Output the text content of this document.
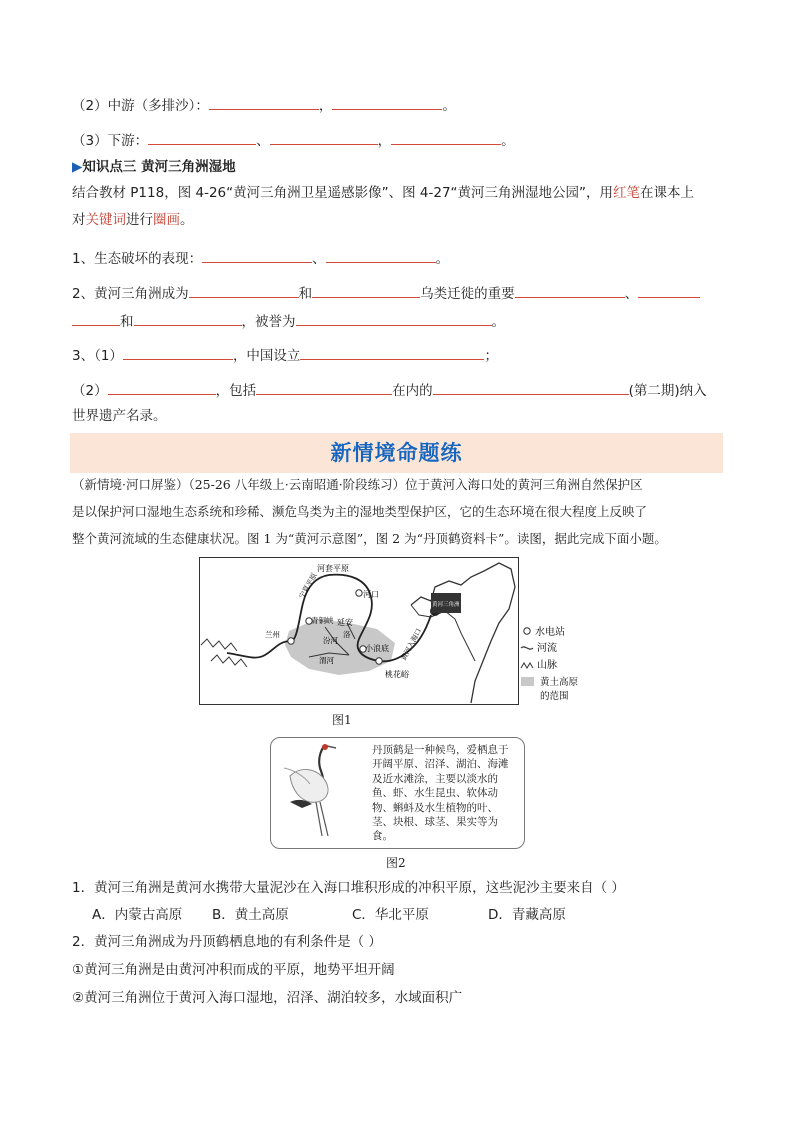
（2）中游（多排沙）：	，	。
（3）下游：	、	，	。
▶知识点三 黄河三角洲湿地
结合教材 P118，图 4-26“黄河三角洲卫星遥感影像”、图 4-27“黄河三角洲湿地公园”，用红笔在课本上
对关键词进行圈画。
1、生态破坏的表现：	、	。
2、黄河三角洲成为	和	乌类迁徙的重要	、
和	，被誉为	。
3、（1）	，中国设立	；
（2）	，包括	在内的	(第二期)纳入
世界遗产名录。
新情境命题练
（新情境·河口屏鉴）（25-26 八年级上·云南昭通·阶段练习）位于黄河入海口处的黄河三角洲自然保护区
是以保护河口湿地生态系统和珍稀、濒危鸟类为主的湿地类型保护区，它的生态环境在很大程度上反映了
整个黄河流域的生态健康状况。图 1 为“黄河示意图”，图 2 为“丹顶鹤资料卡”。读图，据此完成下面小题。
河套平原
河口
宁夏平原
青铜峡 延安
洛
汾河
渭河
小浪底
桃花峪
兰州
黄河三角洲
黄河入海口	水电站
河流
山脉
黄土高原
的范围
图1
丹顶鹤是一种候鸟，爱栖息于开阔平原、沼泽、湖泊、海滩及近水滩涂，主要以淡水的鱼、虾、水生昆虫、软体动物、蝌蚪及水生植物的叶、茎、块根、球茎、果实等为食。
图2
1．黄河三角洲是黄河水携带大量泥沙在入海口堆积形成的冲积平原，这些泥沙主要来自（ ）
A．内蒙古高原 B．黄土高原	C．华北平原	D．青藏高原
2．黄河三角洲成为丹顶鹤栖息地的有利条件是（ ）
①黄河三角洲是由黄河冲积而成的平原，地势平坦开阔
②黄河三角洲位于黄河入海口湿地，沼泽、湖泊较多，水域面积广
